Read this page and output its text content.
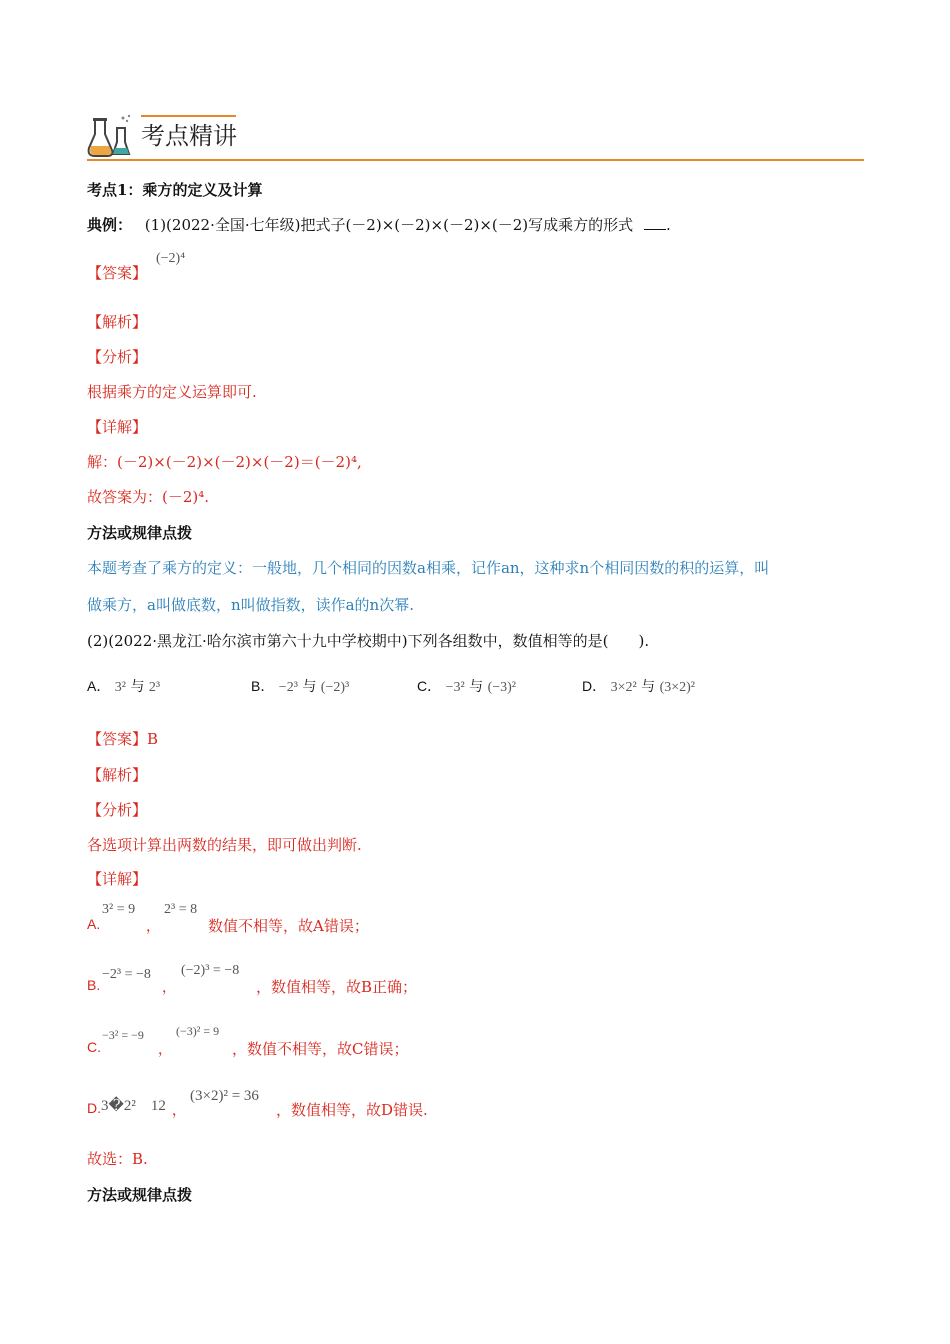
考点精讲
考点1：乘方的定义及计算
典例： (1)(2022·全国·七年级)把式子(－2)×(－2)×(－2)×(－2)写成乘方的形式 .
【答案】
(−2)⁴
【解析】
【分析】
根据乘方的定义运算即可.
【详解】
解：(－2)×(－2)×(－2)×(－2)＝(－2)⁴,
故答案为：(－2)⁴.
方法或规律点拨
本题考查了乘方的定义：一般地，几个相同的因数a相乘，记作an，这种求n个相同因数的积的运算，叫
做乘方，a叫做底数，n叫做指数，读作a的n次幂.
(2)(2022·黑龙江·哈尔滨市第六十九中学校期中)下列各组数中，数值相等的是(　　).
A． 3² 与 2³	B． −2³ 与 (−2)³	C． −3² 与 (−3)²	D． 3×2² 与 (3×2)²
【答案】B
【解析】
【分析】
各选项计算出两数的结果，即可做出判断.
【详解】
A.
3² = 9
，
2³ = 8
数值不相等，故A错误；
B.
−2³ = −8
，
(−2)³ = −8
，数值相等，故B正确；
C.
−3² = −9
，
(−3)² = 9
，数值不相等，故C错误；
D. 3�2²　12 ，
(3×2)² = 36
，数值相等，故D错误.
故选：B.
方法或规律点拨
